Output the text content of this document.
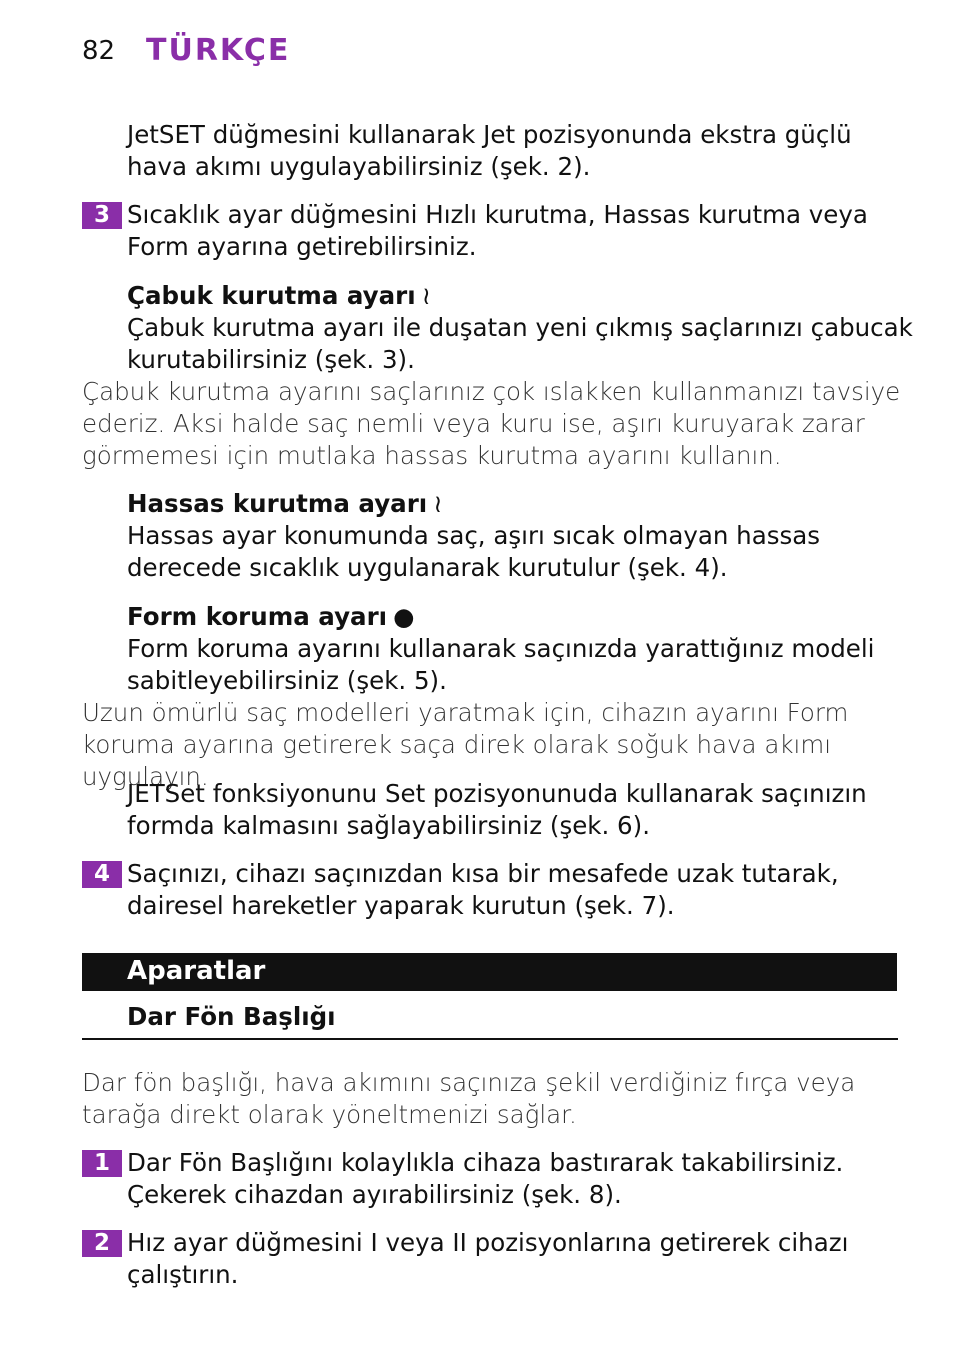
82 TÜRKÇE
JetSET düğmesini kullanarak Jet pozisyonunda ekstra güçlü hava akımı uygulayabilirsiniz (şek. 2).
3 Sıcaklık ayar düğmesini Hızlı kurutma, Hassas kurutma veya Form ayarına getirebilirsiniz.
Çabuk kurutma ayarı ≀
Çabuk kurutma ayarı ile duşatan yeni çıkmış saçlarınızı çabucak kurutabilirsiniz (şek. 3).
Çabuk kurutma ayarını saçlarınız çok ıslakken kullanmanızı tavsiye ederiz. Aksi halde saç nemli veya kuru ise, aşırı kuruyarak zarar görmemesi için mutlaka hassas kurutma ayarını kullanın.
Hassas kurutma ayarı ≀
Hassas ayar konumunda saç, aşırı sıcak olmayan hassas derecede sıcaklık uygulanarak kurutulur (şek. 4).
Form koruma ayarı ●
Form koruma ayarını kullanarak saçınızda yarattığınız modeli sabitleyebilirsiniz (şek. 5).
Uzun ömürlü saç modelleri yaratmak için, cihazın ayarını Form koruma ayarına getirerek saça direk olarak soğuk hava akımı uygulayın.
JETSet fonksiyonunu Set pozisyonunuda kullanarak saçınızın formda kalmasını sağlayabilirsiniz (şek. 6).
4 Saçınızı, cihazı saçınızdan kısa bir mesafede uzak tutarak, dairesel hareketler yaparak kurutun (şek. 7).
Aparatlar
Dar Fön Başlığı
Dar fön başlığı, hava akımını saçınıza şekil verdiğiniz fırça veya tarağa direkt olarak yöneltmenizi sağlar.
1 Dar Fön Başlığını kolaylıkla cihaza bastırarak takabilirsiniz. Çekerek cihazdan ayırabilirsiniz (şek. 8).
2 Hız ayar düğmesini I veya II pozisyonlarına getirerek cihazı çalıştırın.
